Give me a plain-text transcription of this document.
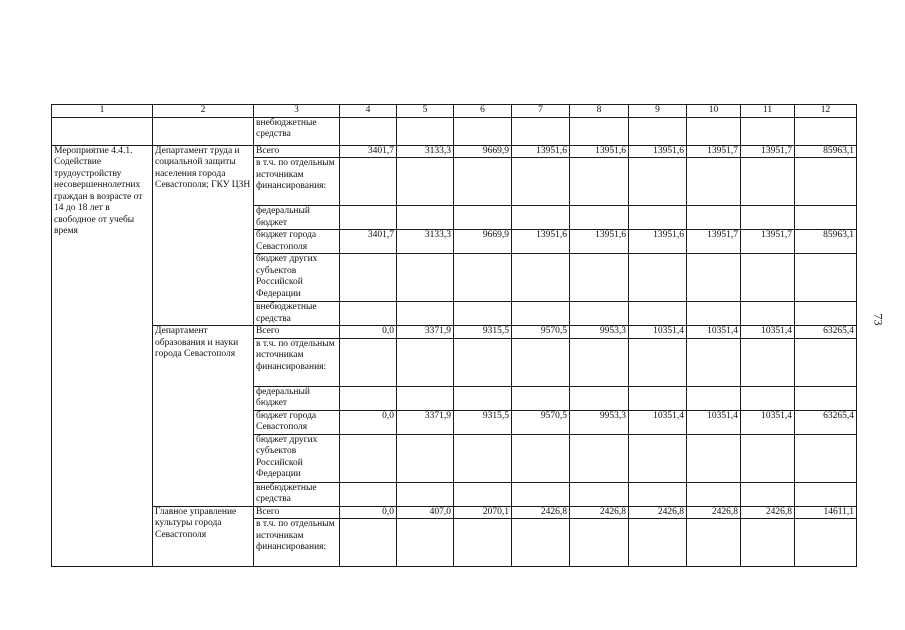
1	2	3	4	5	6	7	8	9	10	11	12
		внебюджетные средства									
Мероприятие 4.4.1. Содействие трудоустройству несовершеннолетних граждан в возрасте от 14 до 18 лет в свободное от учебы время	Департамент труда и социальной защиты населения города Севастополя; ГКУ ЦЗН	Всего	3401,7	3133,3	9669,9	13951,6	13951,6	13951,6	13951,7	13951,7	85963,1
		в т.ч. по отдельным источникам финансирования:									
		федеральный бюджет									
		бюджет города Севастополя	3401,7	3133,3	9669,9	13951,6	13951,6	13951,6	13951,7	13951,7	85963,1
		бюджет других субъектов Российской Федерации									
		внебюджетные средства									
	Департамент образования и науки города Севастополя	Всего	0,0	3371,9	9315,5	9570,5	9953,3	10351,4	10351,4	10351,4	63265,4
		в т.ч. по отдельным источникам финансирования:									
		федеральный бюджет									
		бюджет города Севастополя	0,0	3371,9	9315,5	9570,5	9953,3	10351,4	10351,4	10351,4	63265,4
		бюджет других субъектов Российской Федерации									
		внебюджетные средства									
	Главное управление культуры города Севастополя	Всего	0,0	407,0	2070,1	2426,8	2426,8	2426,8	2426,8	2426,8	14611,1
		в т.ч. по отдельным источникам финансирования:									
73
